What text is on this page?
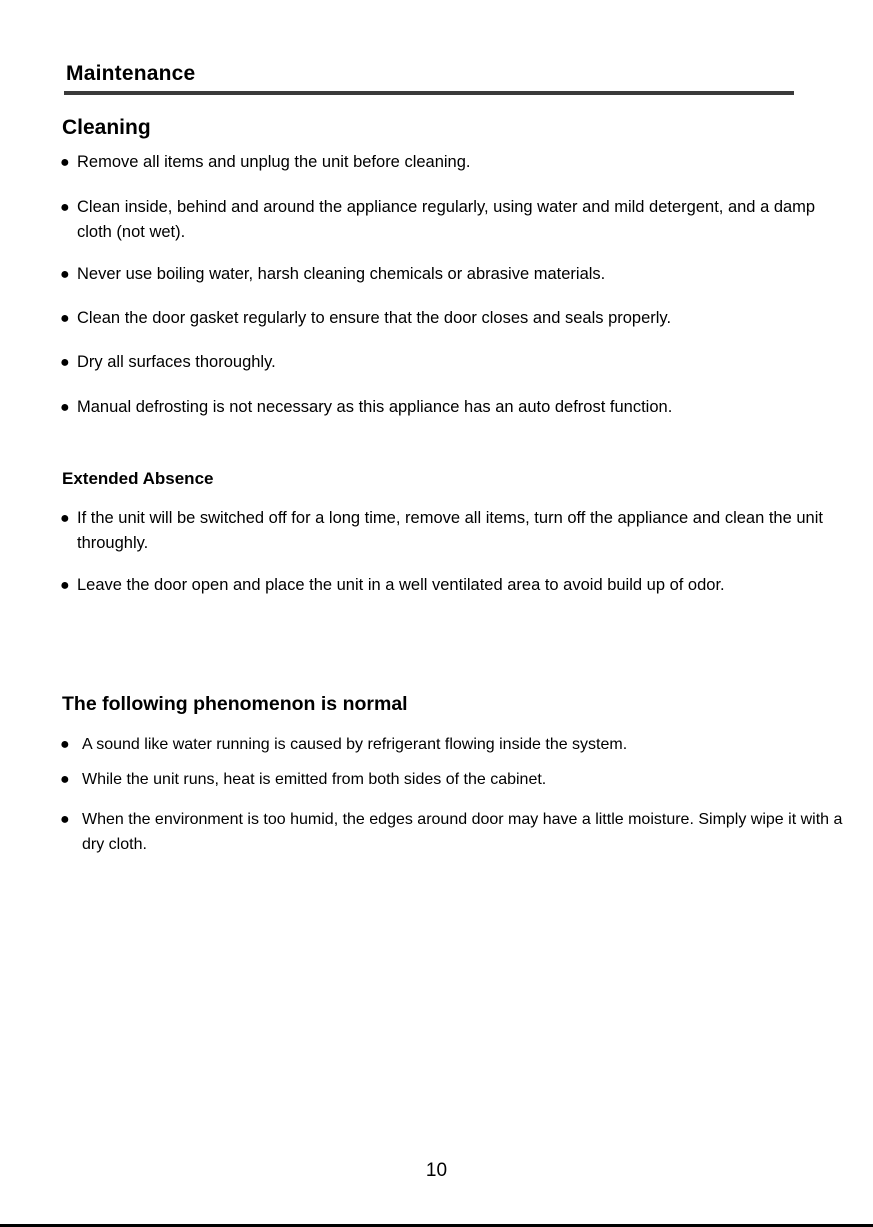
Maintenance
Cleaning
● Remove all items and unplug the unit before cleaning.
● Clean inside, behind and around the appliance regularly, using water and mild detergent, and a damp cloth (not wet).
● Never use boiling water, harsh cleaning chemicals or abrasive materials.
● Clean the door gasket regularly to ensure that the door closes and seals properly.
● Dry all surfaces thoroughly.
● Manual defrosting is not necessary as this appliance has an auto defrost function.
Extended Absence
● If the unit will be switched off for a long time, remove all items, turn off the appliance and clean the unit throughly.
● Leave the door open and place the unit in a well ventilated area to avoid build up of odor.
The following phenomenon is normal
● A sound like water running is caused by refrigerant flowing inside the system.
● While the unit runs, heat is emitted from both sides of the cabinet.
● When the environment is too humid, the edges around door may have a little moisture. Simply wipe it with a dry cloth.
10
